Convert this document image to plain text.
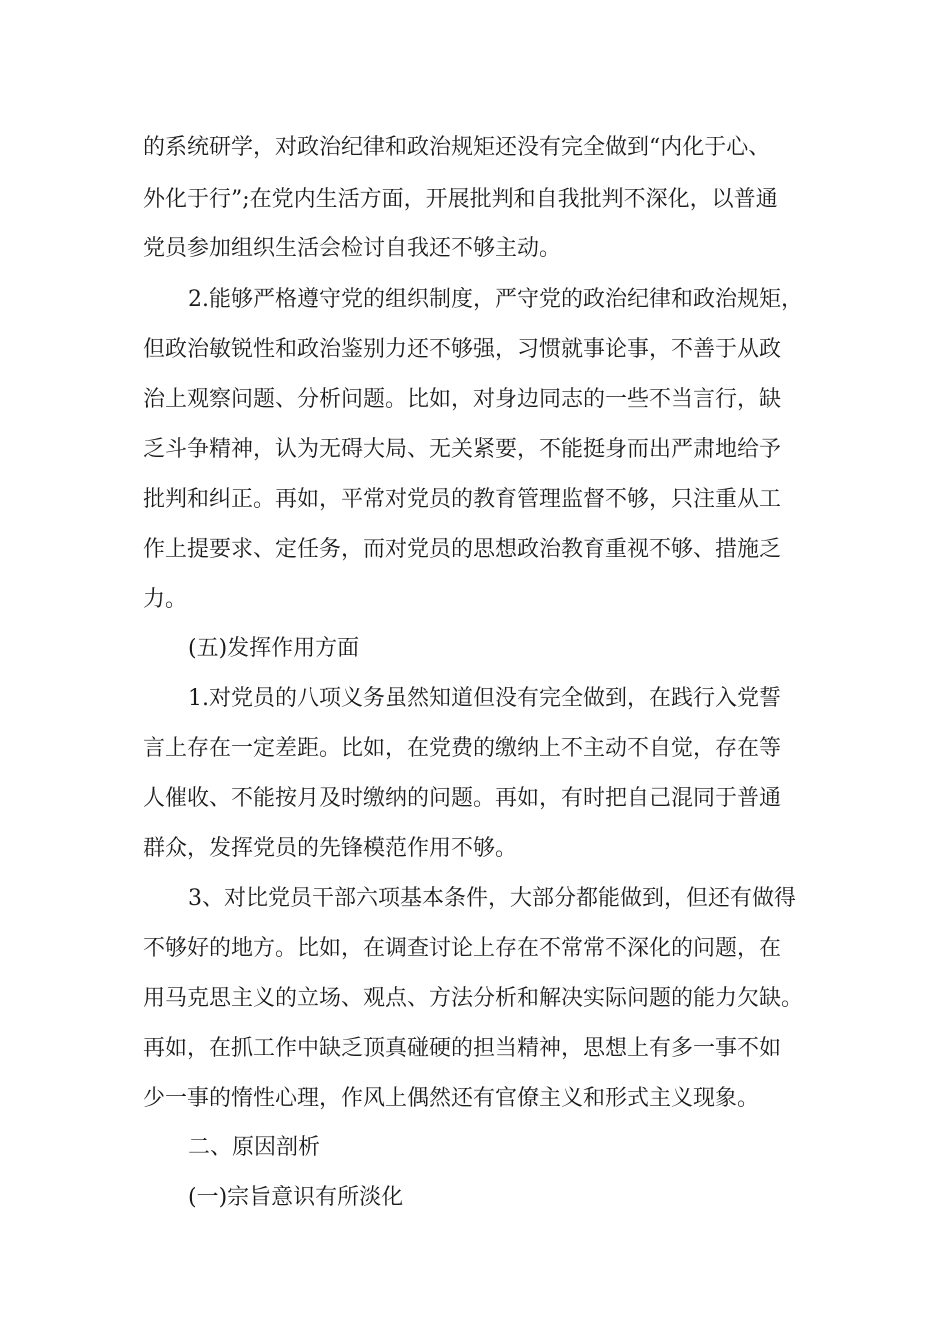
的系统研学，对政治纪律和政治规矩还没有完全做到“内化于心、
外化于行”;在党内生活方面，开展批判和自我批判不深化，以普通
党员参加组织生活会检讨自我还不够主动。
2.能够严格遵守党的组织制度，严守党的政治纪律和政治规矩，
但政治敏锐性和政治鉴别力还不够强，习惯就事论事，不善于从政
治上观察问题、分析问题。比如，对身边同志的一些不当言行，缺
乏斗争精神，认为无碍大局、无关紧要，不能挺身而出严肃地给予
批判和纠正。再如，平常对党员的教育管理监督不够，只注重从工
作上提要求、定任务，而对党员的思想政治教育重视不够、措施乏
力。
(五)发挥作用方面
1.对党员的八项义务虽然知道但没有完全做到，在践行入党誓
言上存在一定差距。比如，在党费的缴纳上不主动不自觉，存在等
人催收、不能按月及时缴纳的问题。再如，有时把自己混同于普通
群众，发挥党员的先锋模范作用不够。
3、对比党员干部六项基本条件，大部分都能做到，但还有做得
不够好的地方。比如，在调查讨论上存在不常常不深化的问题，在
用马克思主义的立场、观点、方法分析和解决实际问题的能力欠缺。
再如，在抓工作中缺乏顶真碰硬的担当精神，思想上有多一事不如
少一事的惰性心理，作风上偶然还有官僚主义和形式主义现象。
二、原因剖析
(一)宗旨意识有所淡化
